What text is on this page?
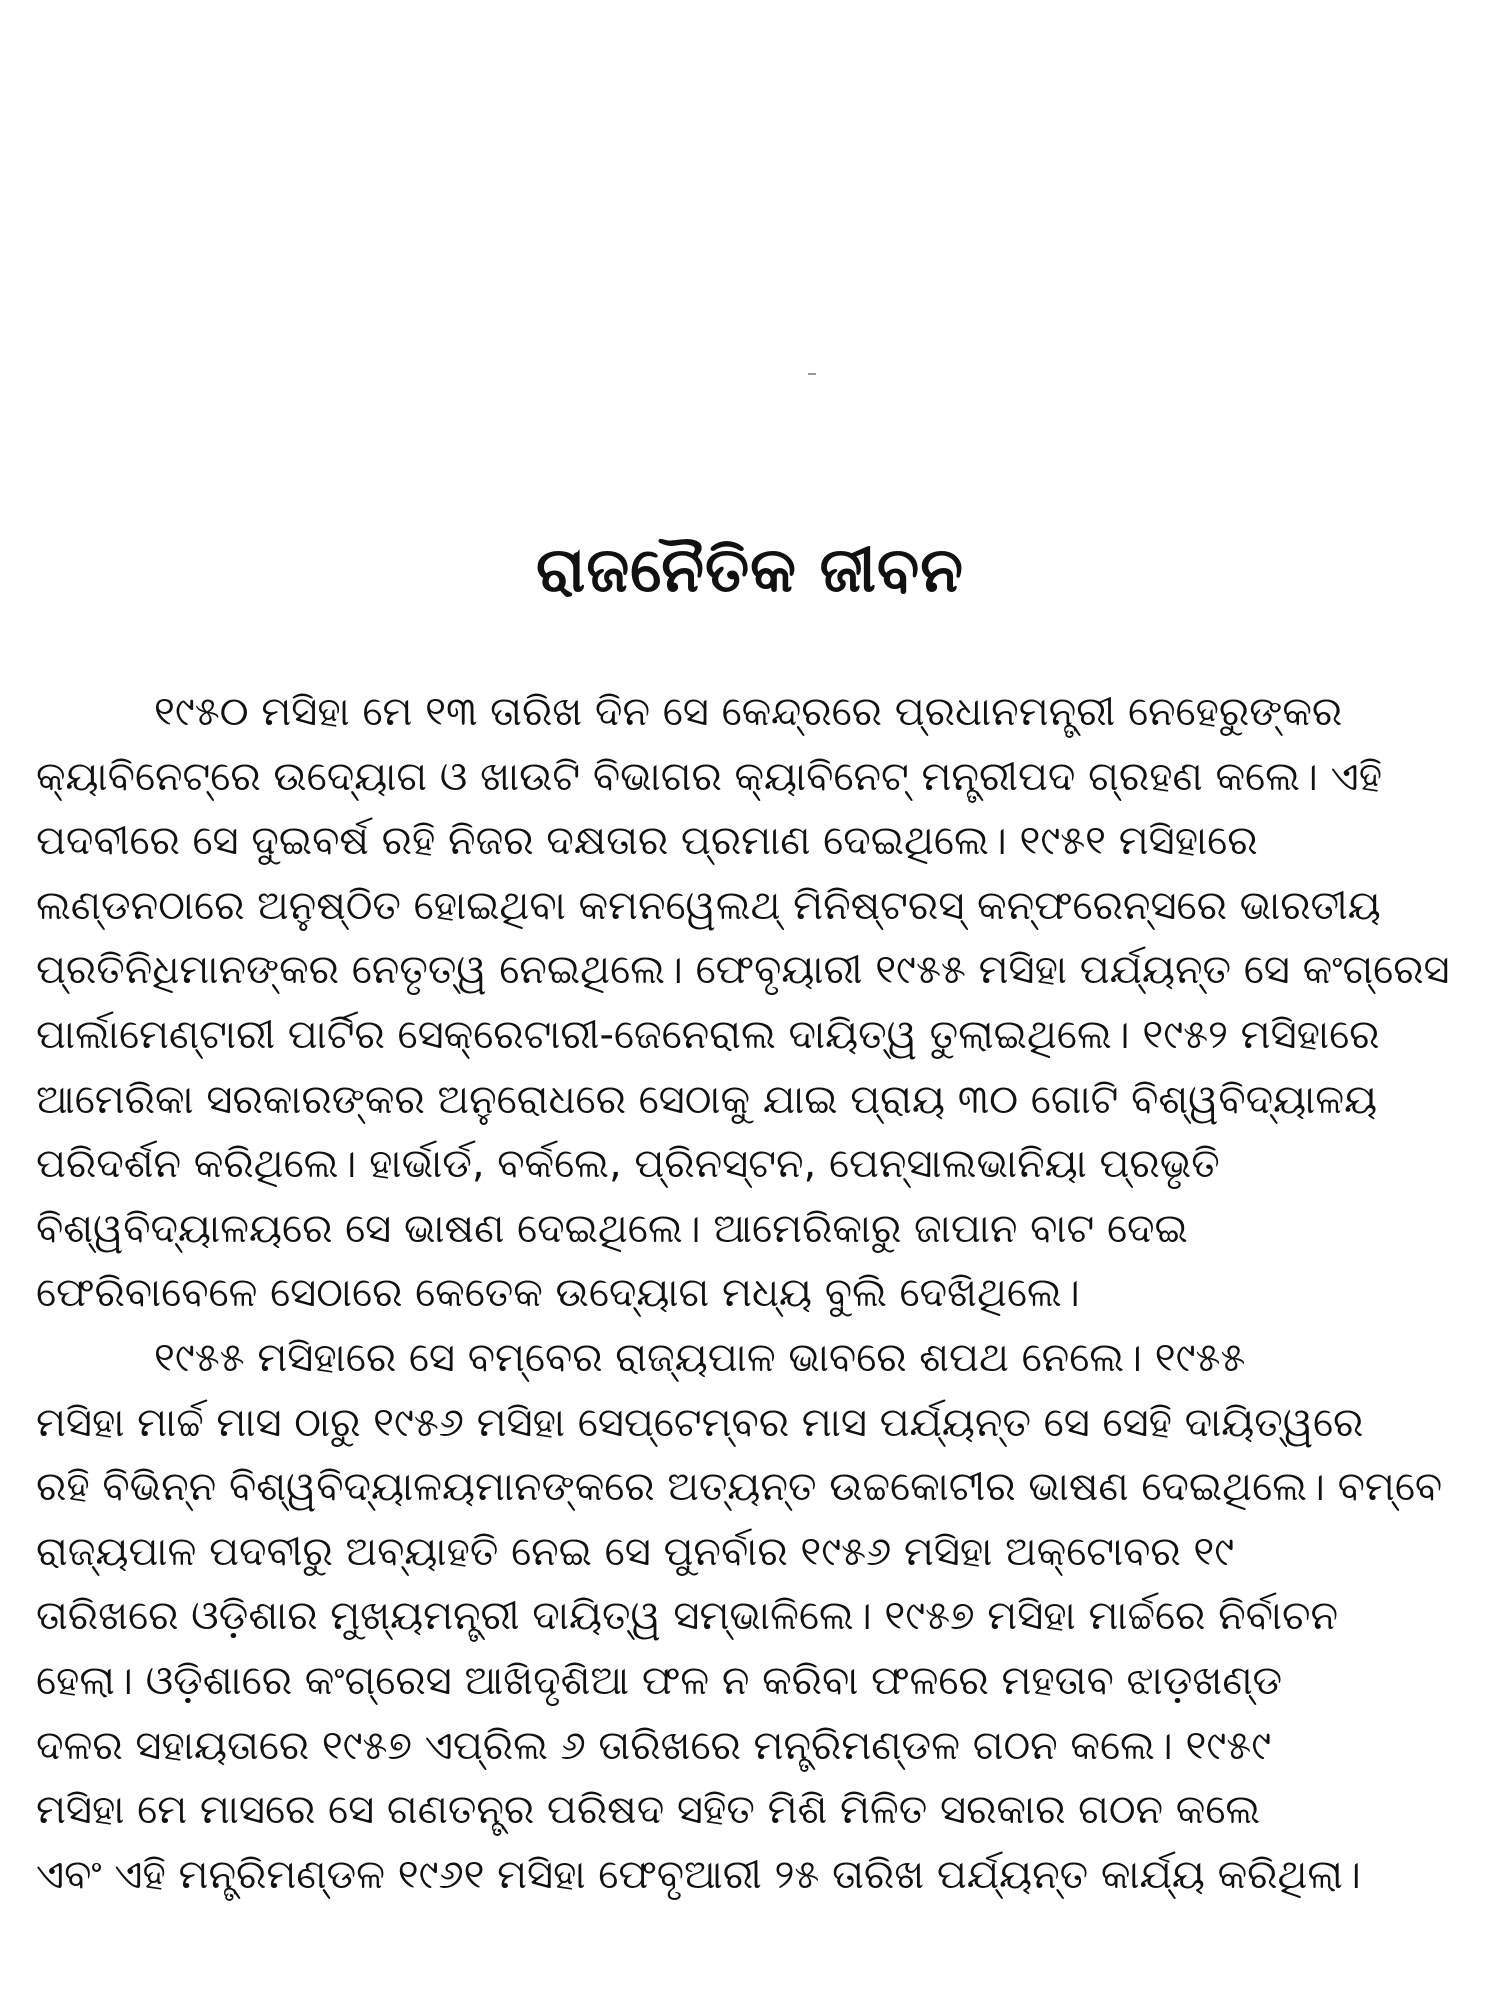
ରାଜନୈତିକ ଜୀବନ
୧୯୫୦ ମସିହା ମେ ୧୩ ତାରିଖ ଦିନ ସେ କେନ୍ଦ୍ରରେ ପ୍ରଧାନମନ୍ତ୍ରୀ ନେହେରୁଙ୍କର
କ୍ୟାବିନେଟ୍‌ରେ ଉଦ୍ୟୋଗ ଓ ଖାଉଟି ବିଭାଗର କ୍ୟାବିନେଟ୍ ମନ୍ତ୍ରୀପଦ ଗ୍ରହଣ କଲେ। ଏହି
ପଦବୀରେ ସେ ଦୁଇବର୍ଷ ରହି ନିଜର ଦକ୍ଷତାର ପ୍ରମାଣ ଦେଇଥିଲେ। ୧୯୫୧ ମସିହାରେ
ଲଣ୍ଡନଠାରେ ଅନୁଷ୍ଠିତ ହୋଇଥିବା କମନୱେଲଥ୍ ମିନିଷ୍ଟରସ୍ କନ୍‌ଫରେନ୍ସରେ ଭାରତୀୟ
ପ୍ରତିନିଧିମାନଙ୍କର ନେତୃତ୍ୱ ନେଇଥିଲେ। ଫେବୃୟାରୀ ୧୯୫୫ ମସିହା ପର୍ଯ୍ୟନ୍ତ ସେ କଂଗ୍ରେସ
ପାର୍ଲାମେଣ୍ଟାରୀ ପାର୍ଟିର ସେକ୍ରେଟାରୀ-ଜେନେରାଲ ଦାୟିତ୍ୱ ତୁଲାଇଥିଲେ। ୧୯୫୨ ମସିହାରେ
ଆମେରିକା ସରକାରଙ୍କର ଅନୁରୋଧରେ ସେଠାକୁ ଯାଇ ପ୍ରାୟ ୩୦ ଗୋଟି ବିଶ୍ୱବିଦ୍ୟାଳୟ
ପରିଦର୍ଶନ କରିଥିଲେ। ହାର୍ଭାର୍ଡ, ବର୍କଲେ, ପ୍ରିନସ୍‌ଟନ, ପେନ୍‌ସାଲଭାନିୟା ପ୍ରଭୃତି
ବିଶ୍ୱବିଦ୍ୟାଳୟରେ ସେ ଭାଷଣ ଦେଇଥିଲେ। ଆମେରିକାରୁ ଜାପାନ ବାଟ ଦେଇ
ଫେରିବାବେଳେ ସେଠାରେ କେତେକ ଉଦ୍ୟୋଗ ମଧ୍ୟ ବୁଲି ଦେଖିଥିଲେ।
୧୯୫୫ ମସିହାରେ ସେ ବମ୍ବେର ରାଜ୍ୟପାଳ ଭାବରେ ଶପଥ ନେଲେ। ୧୯୫୫
ମସିହା ମାର୍ଚ୍ଚ ମାସ ଠାରୁ ୧୯୫୬ ମସିହା ସେପ୍ଟେମ୍ବର ମାସ ପର୍ଯ୍ୟନ୍ତ ସେ ସେହି ଦାୟିତ୍ୱରେ
ରହି ବିଭିନ୍ନ ବିଶ୍ୱବିଦ୍ୟାଳୟମାନଙ୍କରେ ଅତ୍ୟନ୍ତ ଉଚ୍ଚକୋଟୀର ଭାଷଣ ଦେଇଥିଲେ। ବମ୍ବେ
ରାଜ୍ୟପାଳ ପଦବୀରୁ ଅବ୍ୟାହତି ନେଇ ସେ ପୁନର୍ବାର ୧୯୫୬ ମସିହା ଅକ୍ଟୋବର ୧୯
ତାରିଖରେ ଓଡ଼ିଶାର ମୁଖ୍ୟମନ୍ତ୍ରୀ ଦାୟିତ୍ୱ ସମ୍ଭାଳିଲେ। ୧୯୫୭ ମସିହା ମାର୍ଚ୍ଚରେ ନିର୍ବାଚନ
ହେଲା। ଓଡ଼ିଶାରେ କଂଗ୍ରେସ ଆଖିଦୃଶିଆ ଫଳ ନ କରିବା ଫଳରେ ମହତାବ ଝାଡ଼ଖଣ୍ଡ
ଦଳର ସହାୟତାରେ ୧୯୫୭ ଏପ୍ରିଲ ୬ ତାରିଖରେ ମନ୍ତ୍ରିମଣ୍ଡଳ ଗଠନ କଲେ। ୧୯୫୯
ମସିହା ମେ ମାସରେ ସେ ଗଣତନ୍ତ୍ର ପରିଷଦ ସହିତ ମିଶି ମିଳିତ ସରକାର ଗଠନ କଲେ
ଏବଂ ଏହି ମନ୍ତ୍ରିମଣ୍ଡଳ ୧୯୬୧ ମସିହା ଫେବୃଆରୀ ୨୫ ତାରିଖ ପର୍ଯ୍ୟନ୍ତ କାର୍ଯ୍ୟ କରିଥିଲା।
